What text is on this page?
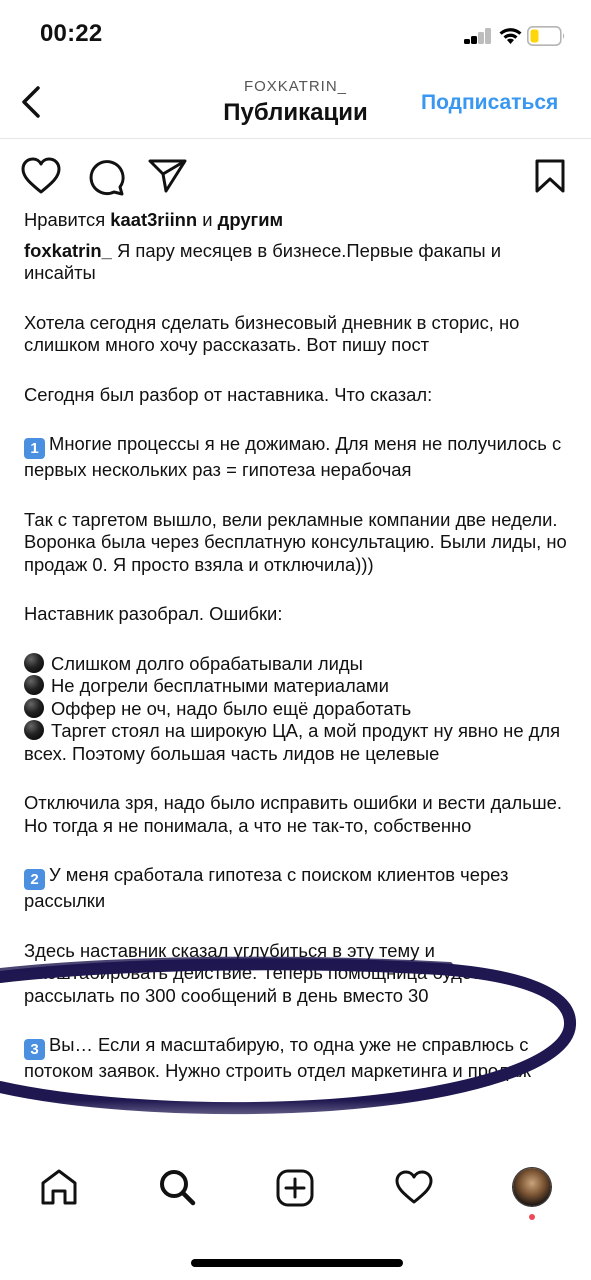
00:22
FOXKATRIN_
Публикации	Подписаться

Нравится kaat3riinn и другим

foxkatrin_ Я пару месяцев в бизнесе.Первые факапы и инсайты

Хотела сегодня сделать бизнесовый дневник в сторис, но слишком много хочу рассказать. Вот пишу пост

Сегодня был разбор от наставника. Что сказал:

1 Многие процессы я не дожимаю. Для меня не получилось с первых нескольких раз = гипотеза нерабочая

Так с таргетом вышло, вели рекламные компании две недели. Воронка была через бесплатную консультацию. Были лиды, но продаж 0. Я просто взяла и отключила)))

Наставник разобрал. Ошибки:

Слишком долго обрабатывали лиды

Не догрели бесплатными материалами

Оффер не оч, надо было ещё доработать

Таргет стоял на широкую ЦА, а мой продукт ну явно не для всех. Поэтому большая часть лидов не целевые

Отключила зря, надо было исправить ошибки и вести дальше. Но тогда я не понимала, а что не так-то, собственно

2 У меня сработала гипотеза с поиском клиентов через рассылки

Здесь наставник сказал углубиться в эту тему и масштабировать действие. Теперь помощница будет рассылать по 300 сообщений в день вместо 30

3 Вы… Если я масштабирую, то одна уже не справлюсь с потоком заявок. Нужно строить отдел маркетинга и продаж
